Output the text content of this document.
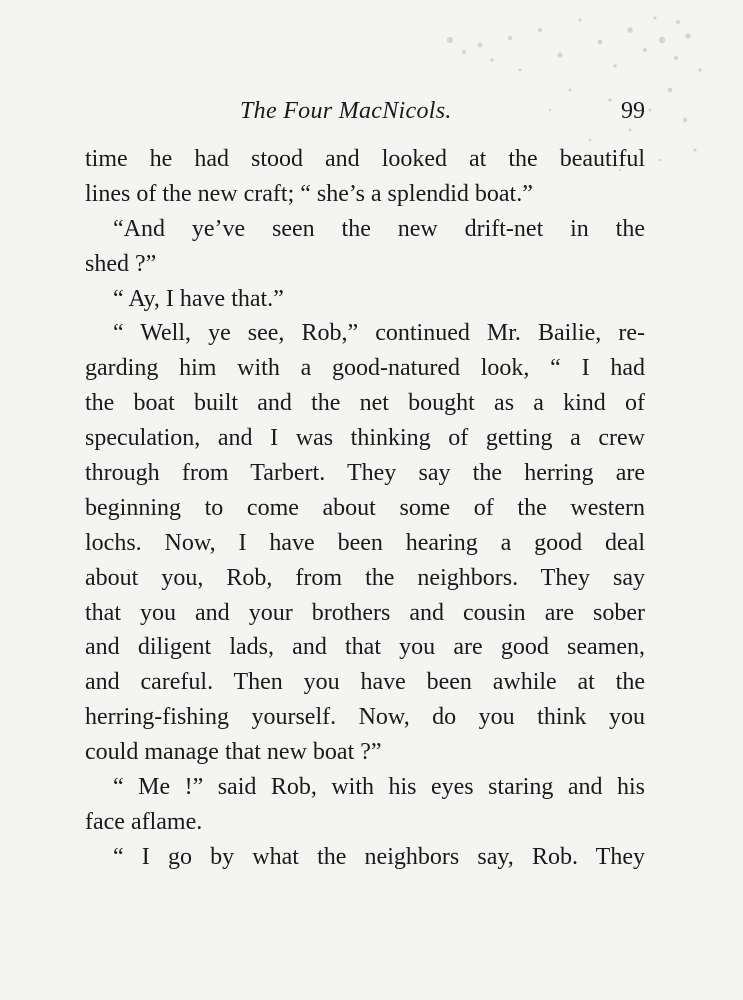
The Four MacNicols.	99
time he had stood and looked at the beautiful
lines of the new craft; “ she’s a splendid boat.”
“And ye’ve seen the new drift-net in the
shed ?”
“ Ay, I have that.”
“ Well, ye see, Rob,” continued Mr. Bailie, re-
garding him with a good-natured look, “ I had
the boat built and the net bought as a kind of
speculation, and I was thinking of getting a crew
through from Tarbert. They say the herring are
beginning to come about some of the western
lochs. Now, I have been hearing a good deal
about you, Rob, from the neighbors. They say
that you and your brothers and cousin are sober
and diligent lads, and that you are good seamen,
and careful. Then you have been awhile at the
herring-fishing yourself. Now, do you think you
could manage that new boat ?”
“ Me !” said Rob, with his eyes staring and his
face aflame.
“ I go by what the neighbors say, Rob. They
